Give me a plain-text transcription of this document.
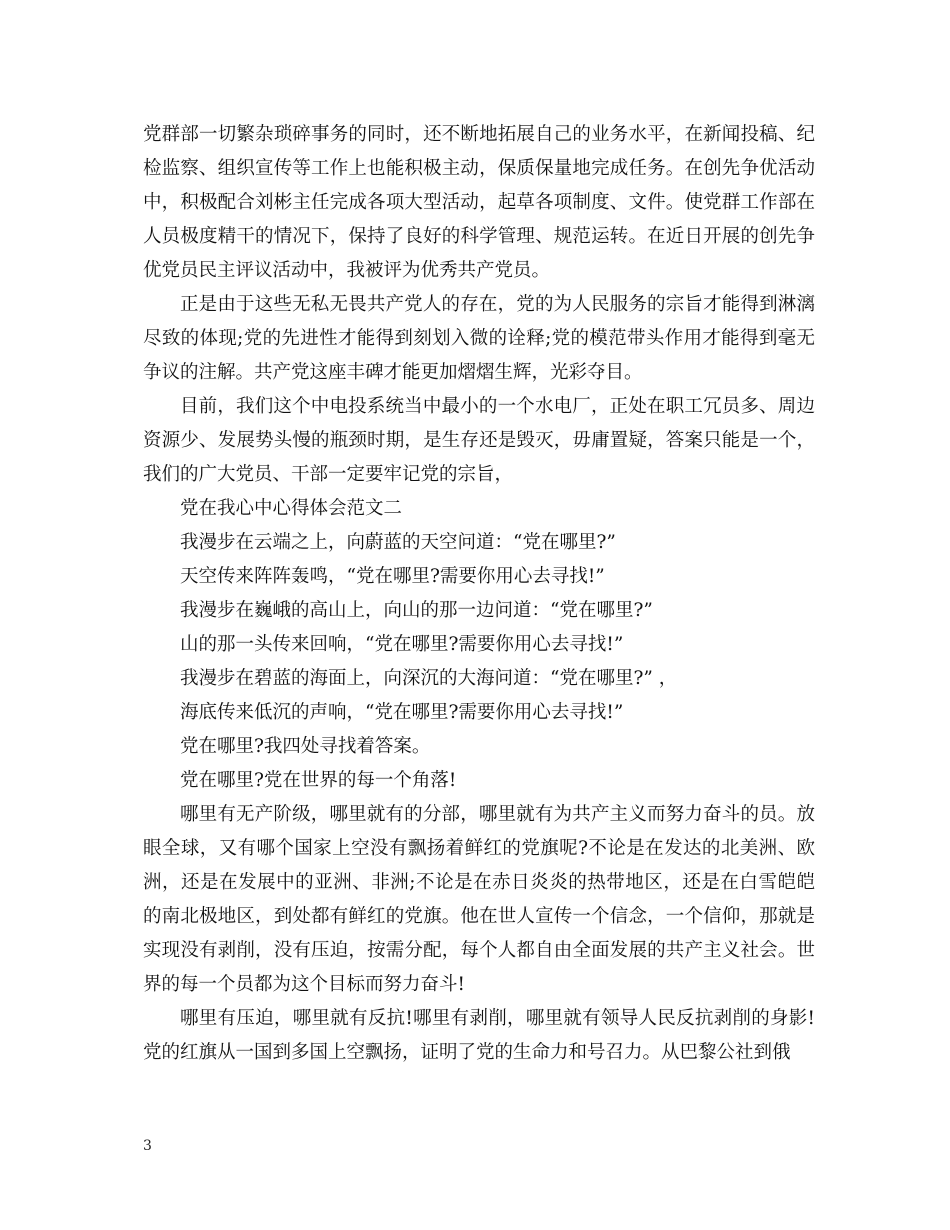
党群部一切繁杂琐碎事务的同时，还不断地拓展自己的业务水平，在新闻投稿、纪检监察、组织宣传等工作上也能积极主动，保质保量地完成任务。在创先争优活动中，积极配合刘彬主任完成各项大型活动，起草各项制度、文件。使党群工作部在人员极度精干的情况下，保持了良好的科学管理、规范运转。在近日开展的创先争优党员民主评议活动中，我被评为优秀共产党员。

正是由于这些无私无畏共产党人的存在，党的为人民服务的宗旨才能得到淋漓尽致的体现;党的先进性才能得到刻划入微的诠释;党的模范带头作用才能得到毫无争议的注解。共产党这座丰碑才能更加熠熠生辉，光彩夺目。

目前，我们这个中电投系统当中最小的一个水电厂，正处在职工冗员多、周边资源少、发展势头慢的瓶颈时期，是生存还是毁灭，毋庸置疑，答案只能是一个，我们的广大党员、干部一定要牢记党的宗旨，

党在我心中心得体会范文二

我漫步在云端之上，向蔚蓝的天空问道：“党在哪里?”

天空传来阵阵轰鸣，“党在哪里?需要你用心去寻找!”

我漫步在巍峨的高山上，向山的那一边问道：“党在哪里?”

山的那一头传来回响，“党在哪里?需要你用心去寻找!”

我漫步在碧蓝的海面上，向深沉的大海问道：“党在哪里?” ，

海底传来低沉的声响，“党在哪里?需要你用心去寻找!”

党在哪里?我四处寻找着答案。

党在哪里?党在世界的每一个角落!

哪里有无产阶级，哪里就有的分部，哪里就有为共产主义而努力奋斗的员。放眼全球，又有哪个国家上空没有飘扬着鲜红的党旗呢?不论是在发达的北美洲、欧洲，还是在发展中的亚洲、非洲;不论是在赤日炎炎的热带地区，还是在白雪皑皑的南北极地区，到处都有鲜红的党旗。他在世人宣传一个信念，一个信仰，那就是实现没有剥削，没有压迫，按需分配，每个人都自由全面发展的共产主义社会。世界的每一个员都为这个目标而努力奋斗!

哪里有压迫，哪里就有反抗!哪里有剥削，哪里就有领导人民反抗剥削的身影!党的红旗从一国到多国上空飘扬，证明了党的生命力和号召力。从巴黎公社到俄

3
